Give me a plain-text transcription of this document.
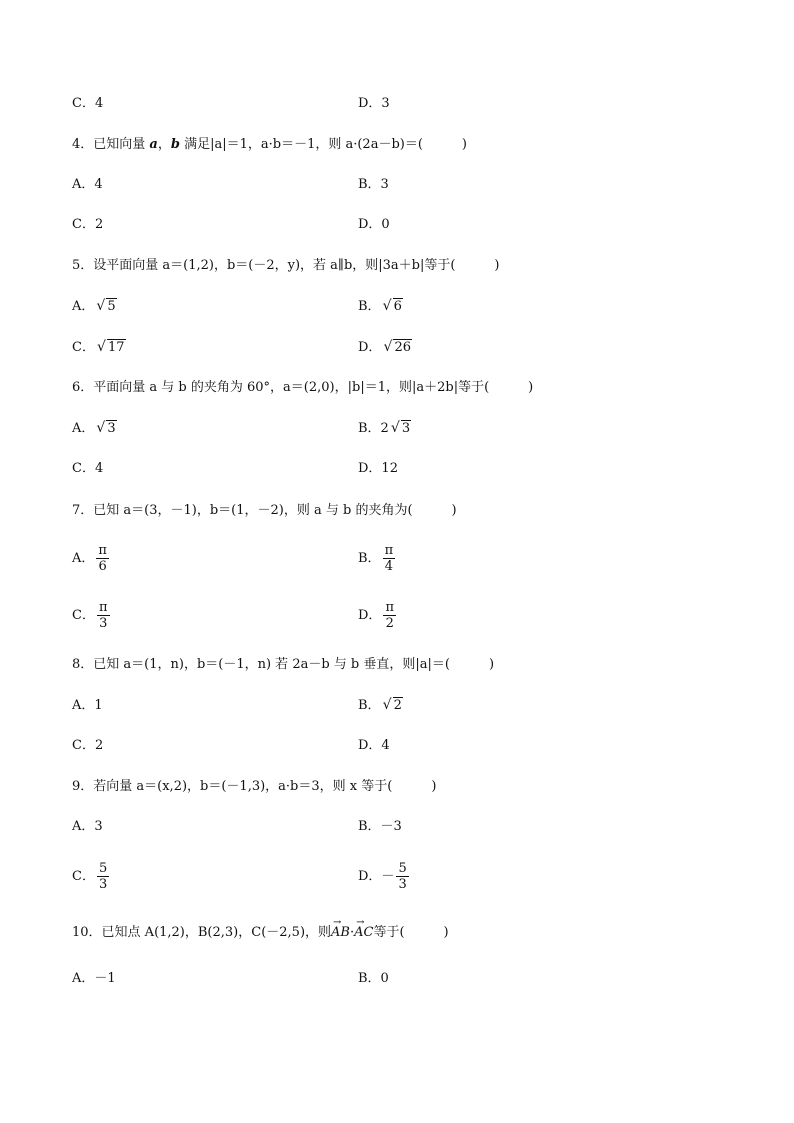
C．4	D．3
4．已知向量 a，b 满足|a|＝1，a·b＝－1，则 a·(2a－b)＝(　　　)
A．4	B．3
C．2	D．0
5．设平面向量 a＝(1,2)，b＝(－2，y)，若 a∥b，则|3a＋b|等于(　　　)
A． √ 5	B． √ 6
C． √ 17	D． √ 26
6．平面向量 a 与 b 的夹角为 60°，a＝(2,0)，|b|＝1，则|a＋2b|等于(　　　)
A． √ 3	B．2 √ 3
C．4	D．12
7．已知 a＝(3，－1)，b＝(1，－2)，则 a 与 b 的夹角为(　　　)
A． $\frac{\pi}{6}$	B． $\frac{\pi}{4}$
C． $\frac{\pi}{3}$	D． $\frac{\pi}{2}$
8．已知 a＝(1，n)，b＝(－1，n) 若 2a－b 与 b 垂直，则|a|＝(　　　)
A．1	B． √ 2
C．2	D．4
9．若向量 a＝(x,2)，b＝(－1,3)，a·b＝3，则 x 等于(　　　)
A．3	B．－3
C． $\frac{5}{3}$	D．－ $\frac{5}{3}$
10．已知点 A(1,2)，B(2,3)，C(－2,5)，则→ AB·→ AC等于(　　　)
A．－1	B．0
